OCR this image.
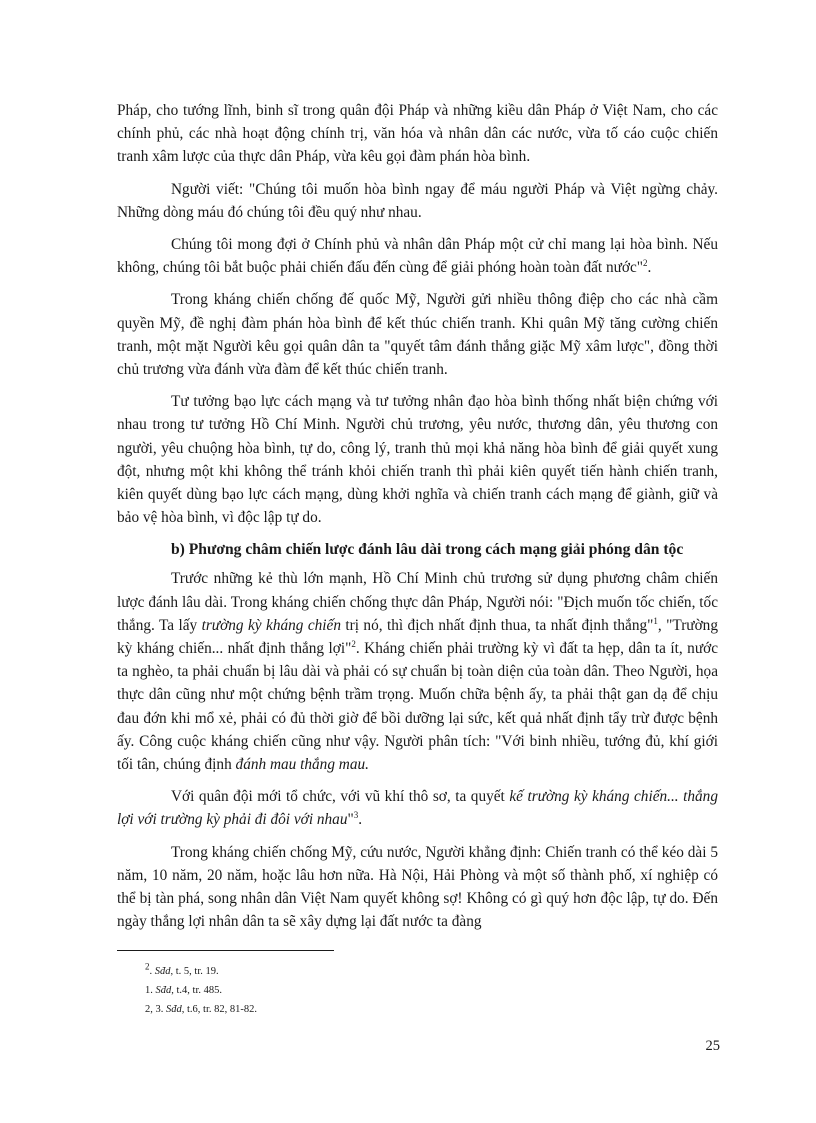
Pháp, cho tướng lĩnh, binh sĩ trong quân đội Pháp và những kiều dân Pháp ở Việt Nam, cho các chính phủ, các nhà hoạt động chính trị, văn hóa và nhân dân các nước, vừa tố cáo cuộc chiến tranh xâm lược của thực dân Pháp, vừa kêu gọi đàm phán hòa bình.

Người viết: "Chúng tôi muốn hòa bình ngay để máu người Pháp và Việt ngừng chảy. Những dòng máu đó chúng tôi đều quý như nhau.

Chúng tôi mong đợi ở Chính phủ và nhân dân Pháp một cử chỉ mang lại hòa bình. Nếu không, chúng tôi bắt buộc phải chiến đấu đến cùng để giải phóng hoàn toàn đất nước"$^2$.

Trong kháng chiến chống đế quốc Mỹ, Người gửi nhiều thông điệp cho các nhà cầm quyền Mỹ, đề nghị đàm phán hòa bình để kết thúc chiến tranh. Khi quân Mỹ tăng cường chiến tranh, một mặt Người kêu gọi quân dân ta "quyết tâm đánh thắng giặc Mỹ xâm lược", đồng thời chủ trương vừa đánh vừa đàm để kết thúc chiến tranh.

Tư tưởng bạo lực cách mạng và tư tưởng nhân đạo hòa bình thống nhất biện chứng với nhau trong tư tưởng Hồ Chí Minh. Người chủ trương, yêu nước, thương dân, yêu thương con người, yêu chuộng hòa bình, tự do, công lý, tranh thủ mọi khả năng hòa bình để giải quyết xung đột, nhưng một khi không thể tránh khỏi chiến tranh thì phải kiên quyết tiến hành chiến tranh, kiên quyết dùng bạo lực cách mạng, dùng khởi nghĩa và chiến tranh cách mạng để giành, giữ và bảo vệ hòa bình, vì độc lập tự do.

b) Phương châm chiến lược đánh lâu dài trong cách mạng giải phóng dân tộc

Trước những kẻ thù lớn mạnh, Hồ Chí Minh chủ trương sử dụng phương châm chiến lược đánh lâu dài. Trong kháng chiến chống thực dân Pháp, Người nói: "Địch muốn tốc chiến, tốc thắng. Ta lấy trường kỳ kháng chiến trị nó, thì địch nhất định thua, ta nhất định thắng"$^1$, "Trường kỳ kháng chiến... nhất định thắng lợi"$^2$. Kháng chiến phải trường kỳ vì đất ta hẹp, dân ta ít, nước ta nghèo, ta phải chuẩn bị lâu dài và phải có sự chuẩn bị toàn diện của toàn dân. Theo Người, họa thực dân cũng như một chứng bệnh trầm trọng. Muốn chữa bệnh ấy, ta phải thật gan dạ để chịu đau đớn khi mổ xẻ, phải có đủ thời giờ để bồi dưỡng lại sức, kết quả nhất định tẩy trừ được bệnh ấy. Công cuộc kháng chiến cũng như vậy. Người phân tích: "Với binh nhiều, tướng đủ, khí giới tối tân, chúng định đánh mau thắng mau.

Với quân đội mới tổ chức, với vũ khí thô sơ, ta quyết kế trường kỳ kháng chiến... thắng lợi với trường kỳ phải đi đôi với nhau"$^3$.

Trong kháng chiến chống Mỹ, cứu nước, Người khẳng định: Chiến tranh có thể kéo dài 5 năm, 10 năm, 20 năm, hoặc lâu hơn nữa. Hà Nội, Hải Phòng và một số thành phố, xí nghiệp có thể bị tàn phá, song nhân dân Việt Nam quyết không sợ! Không có gì quý hơn độc lập, tự do. Đến ngày thắng lợi nhân dân ta sẽ xây dựng lại đất nước ta đàng

$^2$. Sđd, t. 5, tr. 19.
1. Sđd, t.4, tr. 485.
2, 3. Sđd, t.6, tr. 82, 81-82.
25
